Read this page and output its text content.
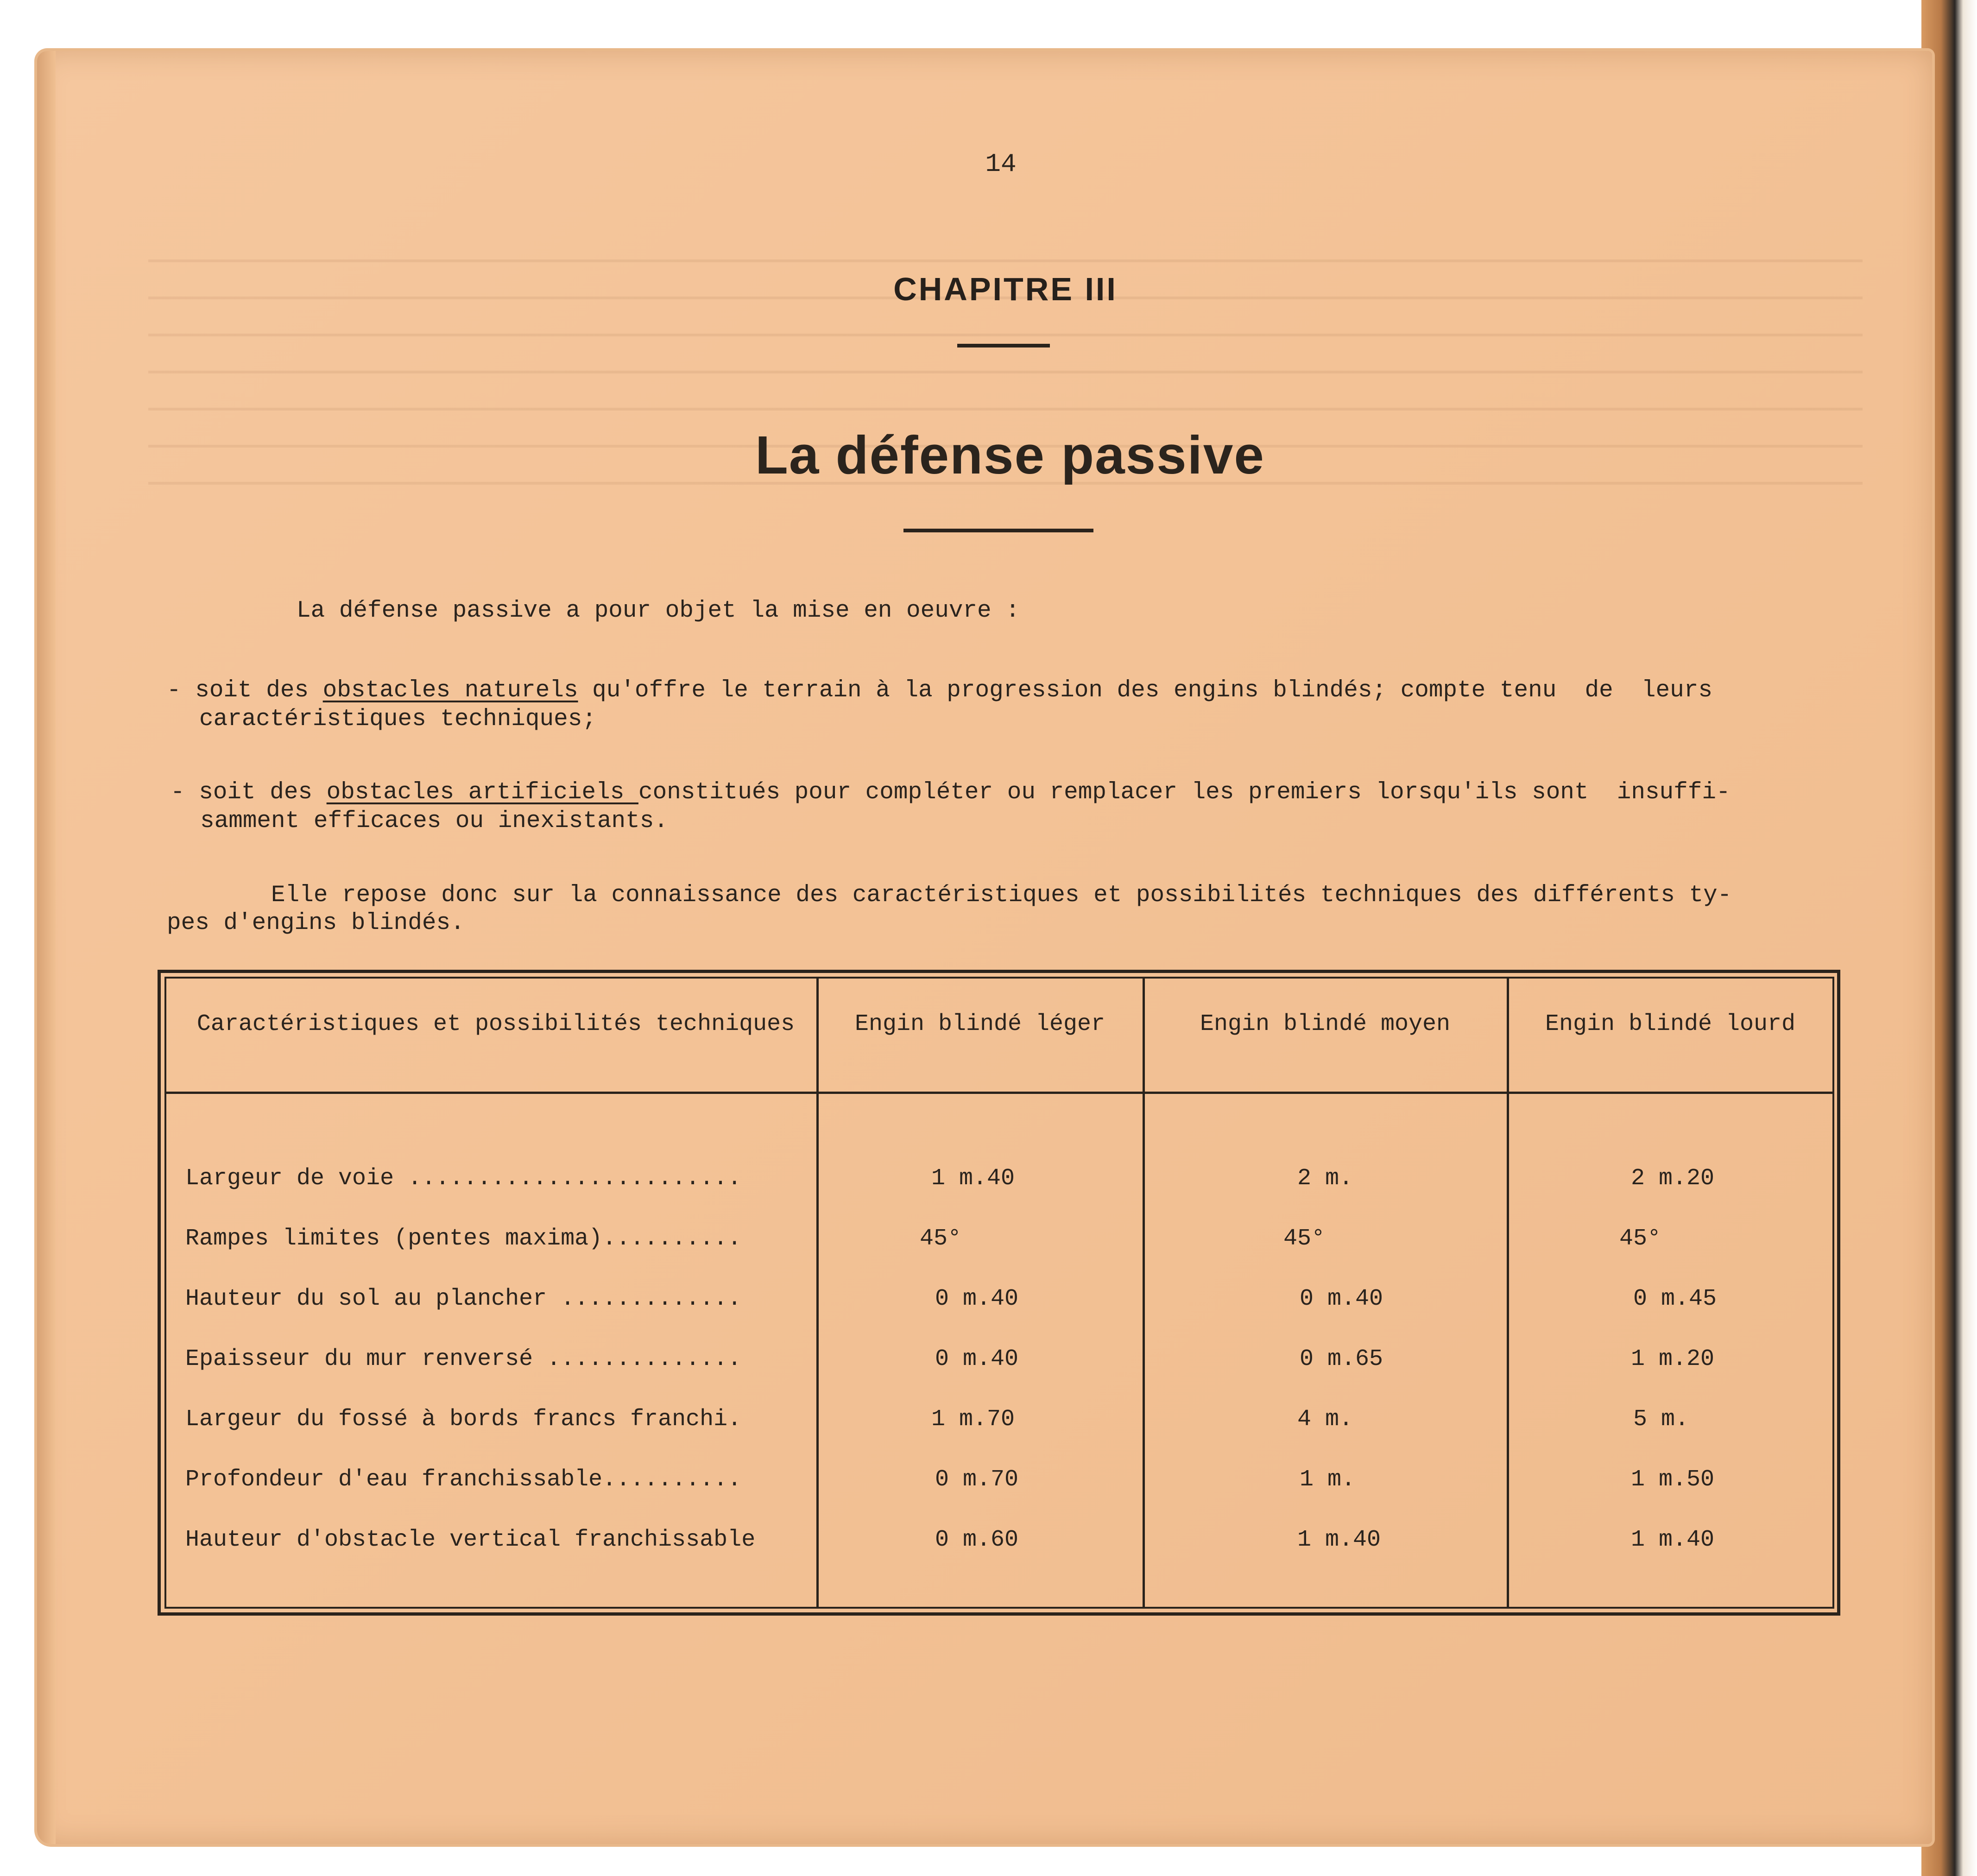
14
CHAPITRE III
La défense passive
La défense passive a pour objet la mise en oeuvre :
- soit des obstacles naturels qu'offre le terrain à la progression des engins blindés; compte tenu  de  leurs
caractéristiques techniques;
- soit des obstacles artificiels constitués pour compléter ou remplacer les premiers lorsqu'ils sont  insuffi-
samment efficaces ou inexistants.
Elle repose donc sur la connaissance des caractéristiques et possibilités techniques des différents ty-
pes d'engins blindés.
Caractéristiques et possibilités techniques	Engin blindé léger	Engin blindé moyen	Engin blindé lourd
Largeur de voie ........................	1 m.40	2 m.	2 m.20
Rampes limites (pentes maxima)..........	45°	45°	45°
Hauteur du sol au plancher .............	0 m.40	0 m.40	0 m.45
Epaisseur du mur renversé ..............	0 m.40	0 m.65	1 m.20
Largeur du fossé à bords francs franchi.	1 m.70	4 m.	5 m.
Profondeur d'eau franchissable..........	0 m.70	1 m.	1 m.50
Hauteur d'obstacle vertical franchissable	0 m.60	1 m.40	1 m.40
